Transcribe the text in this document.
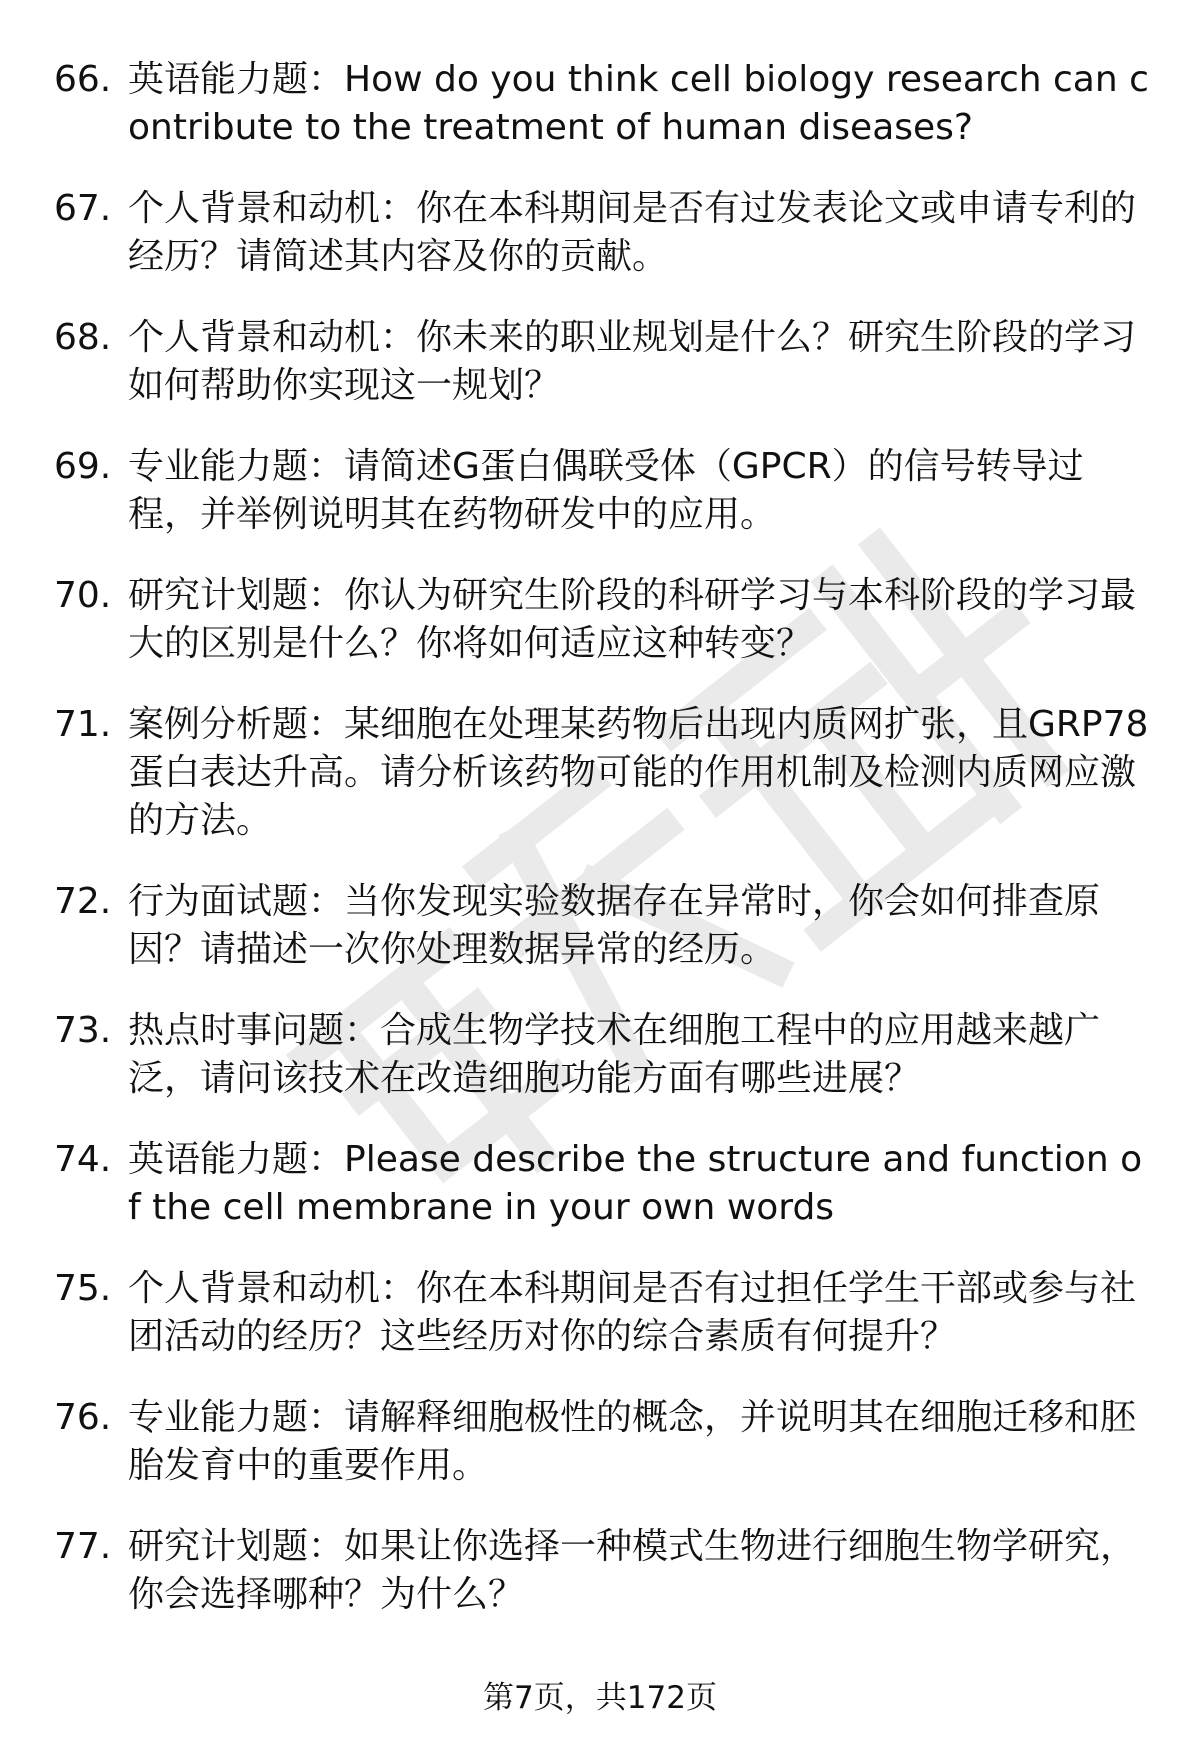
66. 英语能力题：How do you think cell biology research can contribute to the treatment of human diseases?
67. 个人背景和动机：你在本科期间是否有过发表论文或申请专利的经历？请简述其内容及你的贡献。
68. 个人背景和动机：你未来的职业规划是什么？研究生阶段的学习如何帮助你实现这一规划？
69. 专业能力题：请简述G蛋白偶联受体（GPCR）的信号转导过程，并举例说明其在药物研发中的应用。
70. 研究计划题：你认为研究生阶段的科研学习与本科阶段的学习最大的区别是什么？你将如何适应这种转变？
71. 案例分析题：某细胞在处理某药物后出现内质网扩张，且GRP78蛋白表达升高。请分析该药物可能的作用机制及检测内质网应激的方法。
72. 行为面试题：当你发现实验数据存在异常时，你会如何排查原因？请描述一次你处理数据异常的经历。
73. 热点时事问题：合成生物学技术在细胞工程中的应用越来越广泛，请问该技术在改造细胞功能方面有哪些进展？
74. 英语能力题：Please describe the structure and function of the cell membrane in your own words
75. 个人背景和动机：你在本科期间是否有过担任学生干部或参与社团活动的经历？这些经历对你的综合素质有何提升？
76. 专业能力题：请解释细胞极性的概念，并说明其在细胞迁移和胚胎发育中的重要作用。
77. 研究计划题：如果让你选择一种模式生物进行细胞生物学研究，你会选择哪种？为什么？
第7页，共172页
